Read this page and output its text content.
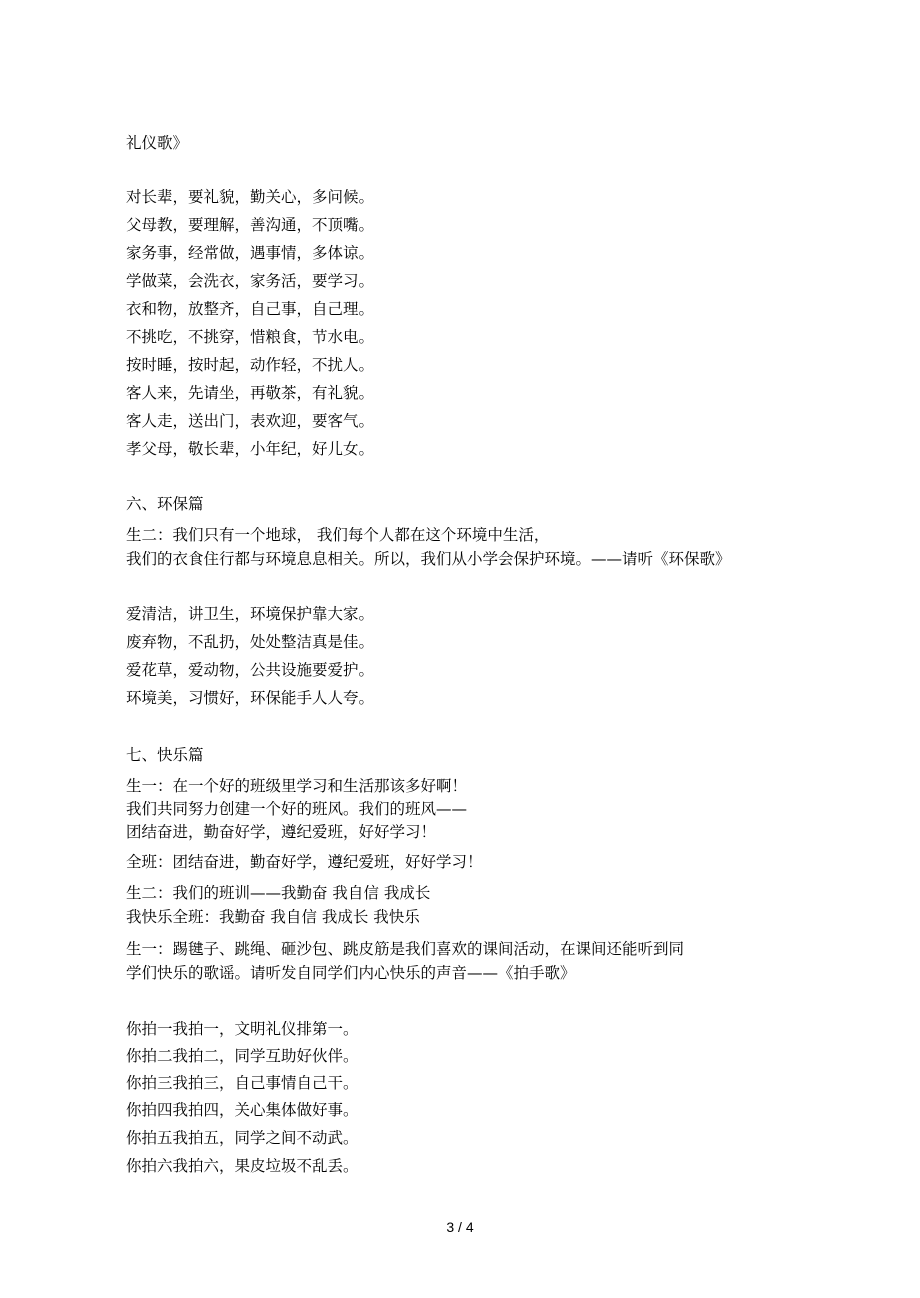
礼仪歌》
对长辈，要礼貌，勤关心，多问候。
父母教，要理解，善沟通，不顶嘴。
家务事，经常做，遇事情，多体谅。
学做菜，会洗衣，家务活，要学习。
衣和物，放整齐，自己事，自己理。
不挑吃，不挑穿，惜粮食，节水电。
按时睡，按时起，动作轻，不扰人。
客人来，先请坐，再敬茶，有礼貌。
客人走，送出门，表欢迎，要客气。
孝父母，敬长辈，小年纪，好儿女。
六、环保篇
生二：我们只有一个地球， 我们每个人都在这个环境中生活，
我们的衣食住行都与环境息息相关。所以，我们从小学会保护环境。——请听《环保歌》
爱清洁，讲卫生，环境保护靠大家。
废弃物，不乱扔，处处整洁真是佳。
爱花草，爱动物，公共设施要爱护。
环境美，习惯好，环保能手人人夸。
七、快乐篇
生一：在一个好的班级里学习和生活那该多好啊！
我们共同努力创建一个好的班风。我们的班风——
团结奋进，勤奋好学，遵纪爱班，好好学习！
全班：团结奋进，勤奋好学，遵纪爱班，好好学习！
生二：我们的班训——我勤奋 我自信 我成长
我快乐全班：我勤奋 我自信 我成长 我快乐
生一：踢毽子、跳绳、砸沙包、跳皮筋是我们喜欢的课间活动，在课间还能听到同
学们快乐的歌谣。请听发自同学们内心快乐的声音——《拍手歌》
你拍一我拍一，文明礼仪排第一。
你拍二我拍二，同学互助好伙伴。
你拍三我拍三，自己事情自己干。
你拍四我拍四，关心集体做好事。
你拍五我拍五，同学之间不动武。
你拍六我拍六，果皮垃圾不乱丢。
3 / 4
